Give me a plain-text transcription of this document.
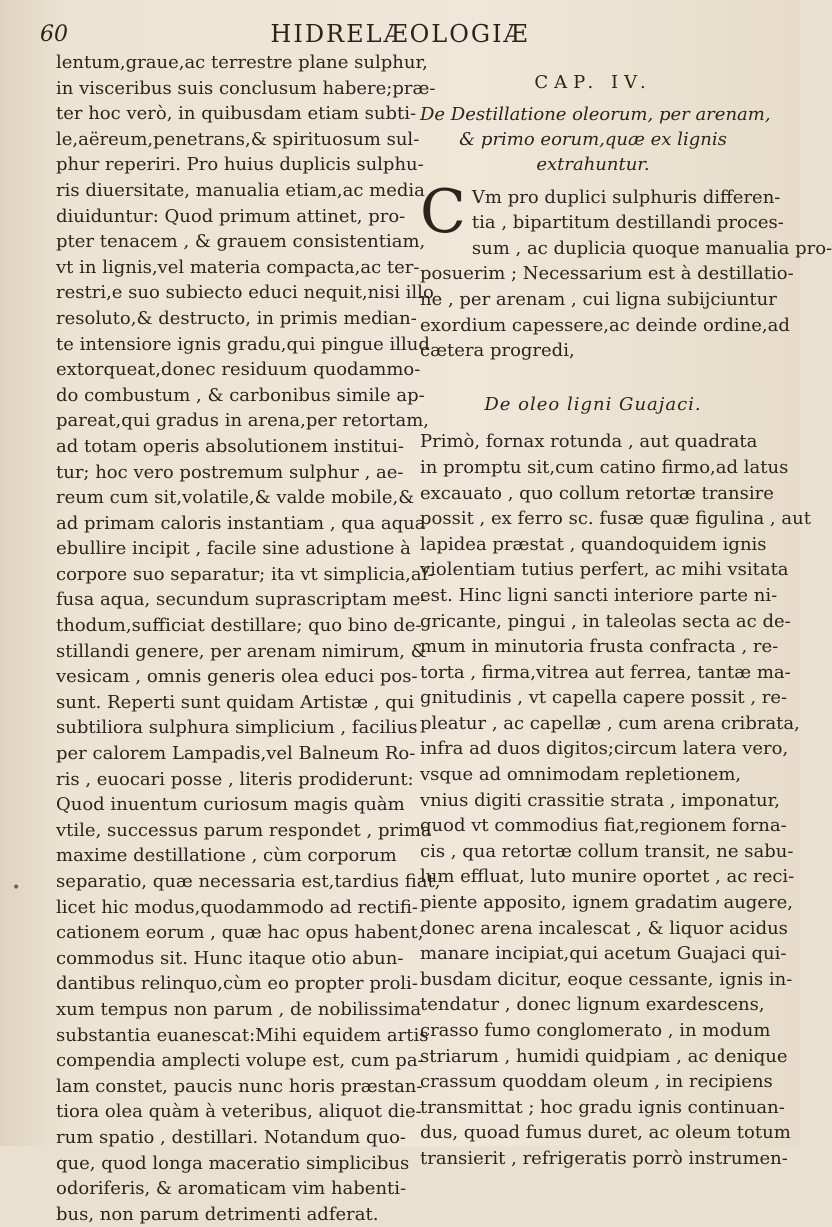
60	HIDRELÆOLOGIÆ
lentum,graue,ac terrestre plane sulphur,
in visceribus suis conclusum habere;præ-
ter hoc verò, in quibusdam etiam subti-
le,aëreum,penetrans,& spirituosum sul-
phur reperiri. Pro huius duplicis sulphu-
ris diuersitate, manualia etiam,ac media
diuiduntur: Quod primum attinet, pro-
pter tenacem , & grauem consistentiam,
vt in lignis,vel materia compacta,ac ter-
restri,e suo subiecto educi nequit,nisi illo
resoluto,& destructo, in primis median-
te intensiore ignis gradu,qui pingue illud
extorqueat,donec residuum quodammo-
do combustum , & carbonibus simile ap-
pareat,qui gradus in arena,per retortam,
ad totam operis absolutionem institui-
tur; hoc vero postremum sulphur , ae-
reum cum sit,volatile,& valde mobile,&
ad primam caloris instantiam , qua aqua
ebullire incipit , facile sine adustione à
corpore suo separatur; ita vt simplicia,af-
fusa aqua, secundum suprascriptam me-
thodum,sufficiat destillare; quo bino de-
stillandi genere, per arenam nimirum, &
vesicam , omnis generis olea educi pos-
sunt. Reperti sunt quidam Artistæ , qui
subtiliora sulphura simplicium , facilius
per calorem Lampadis,vel Balneum Ro-
ris , euocari posse , literis prodiderunt:
Quod inuentum curiosum magis quàm
vtile, successus parum respondet , prima
maxime destillatione , cùm corporum
separatio, quæ necessaria est,tardius fiat,
licet hic modus,quodammodo ad rectifi-
cationem eorum , quæ hac opus habent,
commodus sit. Hunc itaque otio abun-
dantibus relinquo,cùm eo propter proli-
xum tempus non parum , de nobilissima
substantia euanescat:Mihi equidem artis
compendia amplecti volupe est, cum pa-
lam constet, paucis nunc horis præstan-
tiora olea quàm à veteribus, aliquot die-
rum spatio , destillari. Notandum quo-
que, quod longa maceratio simplicibus
odoriferis, & aromaticam vim habenti-
bus, non parum detrimenti adferat.
CAP. IV.
De Destillatione oleorum, per arenam,
& primo eorum,quæ ex lignis
extrahuntur.
C Vm pro duplici sulphuris differen-
tia , bipartitum destillandi proces-
sum , ac duplicia quoque manualia pro-
posuerim ; Necessarium est à destillatio-
ne , per arenam , cui ligna subijciuntur
exordium capessere,ac deinde ordine,ad
cætera progredi,
De oleo ligni Guajaci.
Primò, fornax rotunda , aut quadrata
in promptu sit,cum catino firmo,ad latus
excauato , quo collum retortæ transire
possit , ex ferro sc. fusæ quæ figulina , aut
lapidea præstat , quandoquidem ignis
violentiam tutius perfert, ac mihi vsitata
est. Hinc ligni sancti interiore parte ni-
gricante, pingui , in taleolas secta ac de-
mum in minutoria frusta confracta , re-
torta , firma,vitrea aut ferrea, tantæ ma-
gnitudinis , vt capella capere possit , re-
pleatur , ac capellæ , cum arena cribrata,
infra ad duos digitos;circum latera vero,
vsque ad omnimodam repletionem,
vnius digiti crassitie strata , imponatur,
quod vt commodius fiat,regionem forna-
cis , qua retortæ collum transit, ne sabu-
lum effluat, luto munire oportet , ac reci-
piente apposito, ignem gradatim augere,
donec arena incalescat , & liquor acidus
manare incipiat,qui acetum Guajaci qui-
busdam dicitur, eoque cessante, ignis in-
tendatur , donec lignum exardescens,
crasso fumo conglomerato , in modum
striarum , humidi quidpiam , ac denique
crassum quoddam oleum , in recipiens
transmittat ; hoc gradu ignis continuan-
dus, quoad fumus duret, ac oleum totum
transierit , refrigeratis porrò instrumen-
•
